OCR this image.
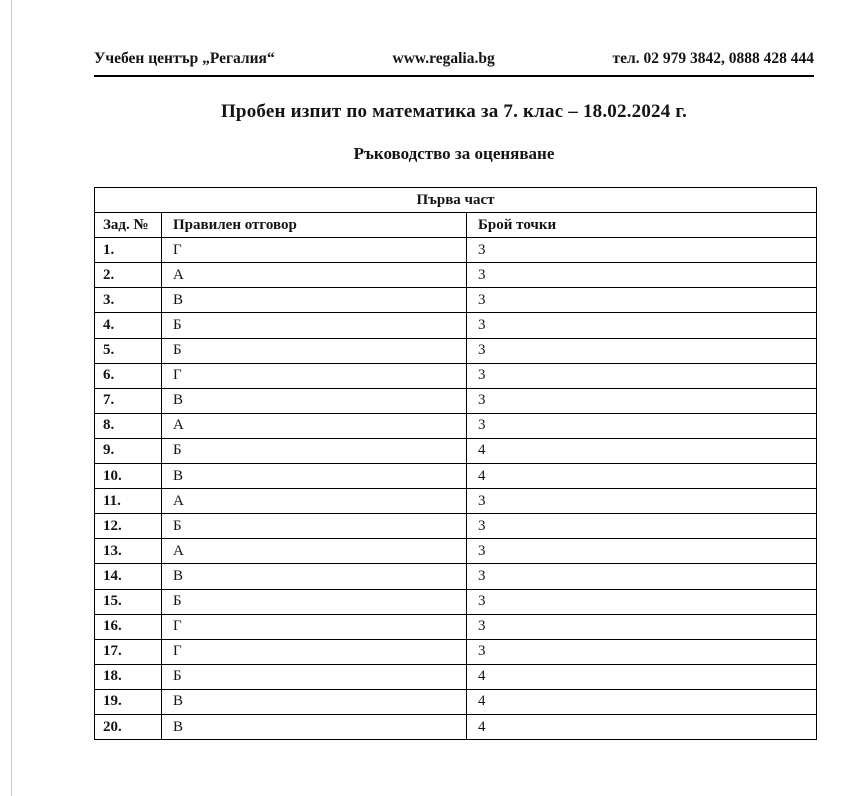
Учебен център „Регалия“	www.regalia.bg	тел. 02 979 3842, 0888 428 444
Пробен изпит по математика за 7. клас – 18.02.2024 г.
Ръководство за оценяване
Първа част		
Зад. №	Правилен отговор	Брой точки
1.	Г	3
2.	А	3
3.	В	3
4.	Б	3
5.	Б	3
6.	Г	3
7.	В	3
8.	А	3
9.	Б	4
10.	В	4
11.	А	3
12.	Б	3
13.	А	3
14.	В	3
15.	Б	3
16.	Г	3
17.	Г	3
18.	Б	4
19.	В	4
20.	В	4
